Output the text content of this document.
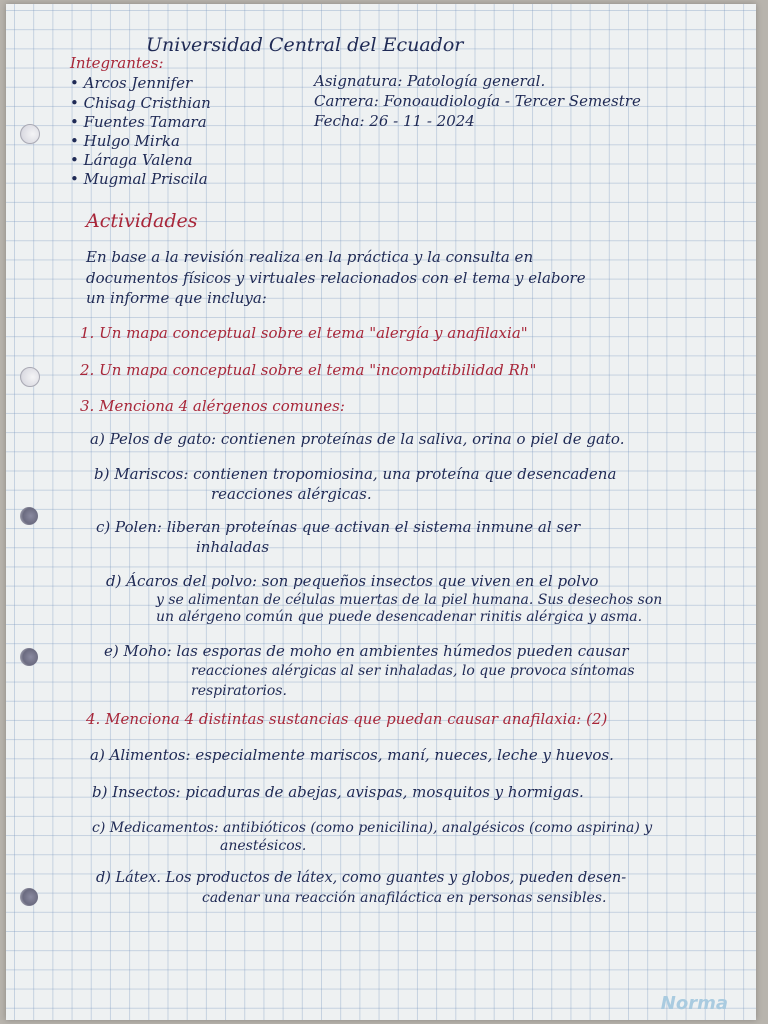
Universidad Central del Ecuador
Integrantes:
• Arcos Jennifer
• Chisag Cristhian
• Fuentes Tamara
• Hulgo Mirka
• Láraga Valena
• Mugmal Priscila
Asignatura: Patología general.
Carrera: Fonoaudiología - Tercer Semestre
Fecha: 26 - 11 - 2024
Actividades
En base a la revisión realiza en la práctica y la consulta en
documentos físicos y virtuales relacionados con el tema y elabore
un informe que incluya:
1. Un mapa conceptual sobre el tema "alergía y anafilaxia"
2. Un mapa conceptual sobre el tema "incompatibilidad Rh"
3. Menciona 4 alérgenos comunes:
a) Pelos de gato: contienen proteínas de la saliva, orina o piel de gato.
b) Mariscos: contienen tropomiosina, una proteína que desencadena
reacciones alérgicas.
c) Polen: liberan proteínas que activan el sistema inmune al ser
inhaladas
d) Ácaros del polvo: son pequeños insectos que viven en el polvo
y se alimentan de células muertas de la piel humana. Sus desechos son
un alérgeno común que puede desencadenar rinitis alérgica y asma.
e) Moho: las esporas de moho en ambientes húmedos pueden causar
reacciones alérgicas al ser inhaladas, lo que provoca síntomas
respiratorios.
4. Menciona 4 distintas sustancias que puedan causar anafilaxia: (2)
a) Alimentos: especialmente mariscos, maní, nueces, leche y huevos.
b) Insectos: picaduras de abejas, avispas, mosquitos y hormigas.
c) Medicamentos: antibióticos (como penicilina), analgésicos (como aspirina) y
anestésicos.
d) Látex. Los productos de látex, como guantes y globos, pueden desen-
cadenar una reacción anafiláctica en personas sensibles.
Norma
